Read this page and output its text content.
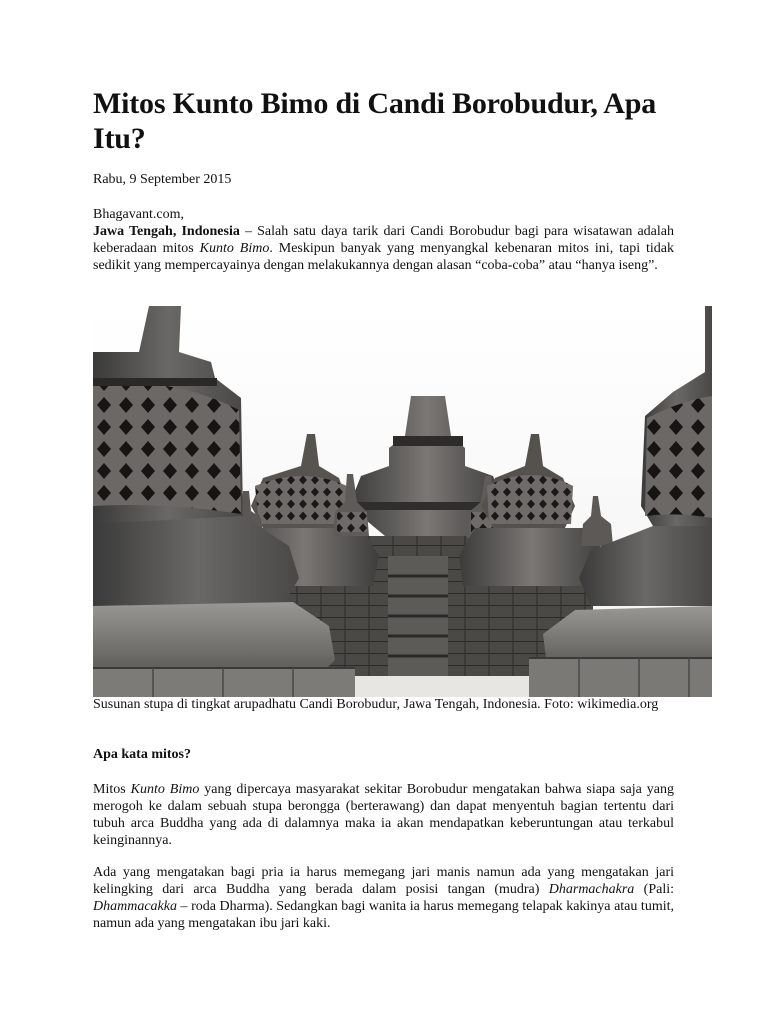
Mitos Kunto Bimo di Candi Borobudur, Apa Itu?
Rabu, 9 September 2015

Bhagavant.com,

Jawa Tengah, Indonesia – Salah satu daya tarik dari Candi Borobudur bagi para wisatawan adalah keberadaan mitos Kunto Bimo. Meskipun banyak yang menyangkal kebenaran mitos ini, tapi tidak sedikit yang mempercayainya dengan melakukannya dengan alasan “coba-coba” atau “hanya iseng”.

Susunan stupa di tingkat arupadhatu Candi Borobudur, Jawa Tengah, Indonesia. Foto: wikimedia.org
Apa kata mitos?

Mitos Kunto Bimo yang dipercaya masyarakat sekitar Borobudur mengatakan bahwa siapa saja yang merogoh ke dalam sebuah stupa berongga (berterawang) dan dapat menyentuh bagian tertentu dari tubuh arca Buddha yang ada di dalamnya maka ia akan mendapatkan keberuntungan atau terkabul keinginannya.

Ada yang mengatakan bagi pria ia harus memegang jari manis namun ada yang mengatakan jari kelingking dari arca Buddha yang berada dalam posisi tangan (mudra) Dharmachakra (Pali: Dhammacakka – roda Dharma). Sedangkan bagi wanita ia harus memegang telapak kakinya atau tumit, namun ada yang mengatakan ibu jari kaki.
